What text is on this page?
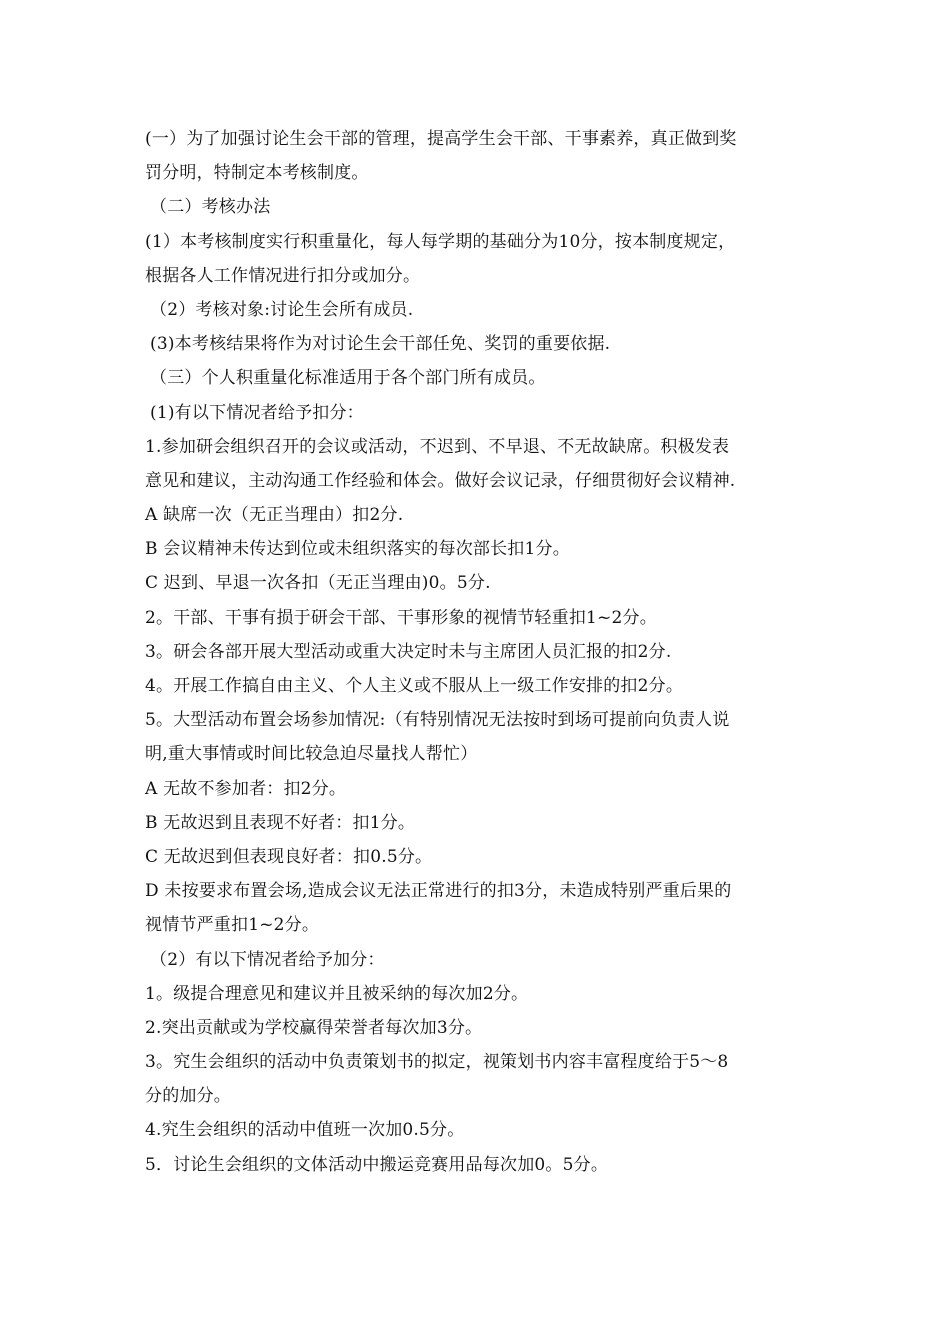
(一）为了加强讨论生会干部的管理，提高学生会干部、干事素养，真正做到奖
罚分明，特制定本考核制度。
（二）考核办法
(1）本考核制度实行积重量化，每人每学期的基础分为10分，按本制度规定，
根据各人工作情况进行扣分或加分。
（2）考核对象:讨论生会所有成员.
(3)本考核结果将作为对讨论生会干部任免、奖罚的重要依据.
（三）个人积重量化标准适用于各个部门所有成员。
(1)有以下情况者给予扣分：
1.参加研会组织召开的会议或活动，不迟到、不早退、不无故缺席。积极发表
意见和建议，主动沟通工作经验和体会。做好会议记录，仔细贯彻好会议精神.
A 缺席一次（无正当理由）扣2分.
B 会议精神未传达到位或未组织落实的每次部长扣1分。
C 迟到、早退一次各扣（无正当理由)0。5分.
2。干部、干事有损于研会干部、干事形象的视情节轻重扣1~2分。
3。研会各部开展大型活动或重大决定时未与主席团人员汇报的扣2分.
4。开展工作搞自由主义、个人主义或不服从上一级工作安排的扣2分。
5。大型活动布置会场参加情况:（有特别情况无法按时到场可提前向负责人说
明,重大事情或时间比较急迫尽量找人帮忙）
A 无故不参加者：扣2分。
B 无故迟到且表现不好者：扣1分。
C 无故迟到但表现良好者：扣0.5分。
D 未按要求布置会场,造成会议无法正常进行的扣3分，未造成特别严重后果的
视情节严重扣1~2分。
（2）有以下情况者给予加分：
1。级提合理意见和建议并且被采纳的每次加2分。
2.突出贡献或为学校赢得荣誉者每次加3分。
3。究生会组织的活动中负责策划书的拟定，视策划书内容丰富程度给于5～8
分的加分。
4.究生会组织的活动中值班一次加0.5分。
5．讨论生会组织的文体活动中搬运竞赛用品每次加0。5分。
